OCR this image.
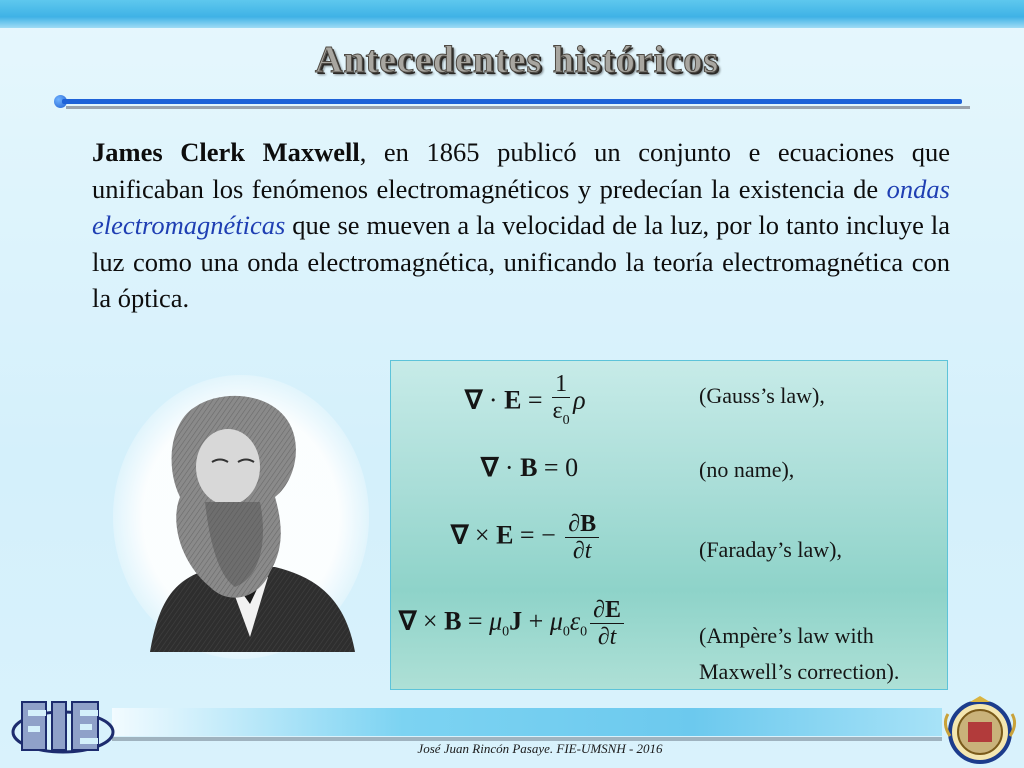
Antecedentes históricos
James Clerk Maxwell, en 1865 publicó un conjunto e ecuaciones que unificaban los fenómenos electromagnéticos y predecían la existencia de ondas electromagnéticas que se mueven a la velocidad de la luz, por lo tanto incluye la luz como una onda electromagnética, unificando la teoría electromagnética con la óptica.
∇ · $E = \frac{1}{\varepsilon_0}$ ρ	(Gauss’s law),
∇ · B = 0	(no name),
∇ × E = − $\frac{\partial B}{\partial t}$	(Faraday’s law),
∇ × $B = \mu_0J + \mu_0\varepsilon_0 \frac{\partial E}{\partial t}$	(Ampère’s law with
Maxwell’s correction).
José Juan Rincón Pasaye. FIE-UMSNH - 2016
